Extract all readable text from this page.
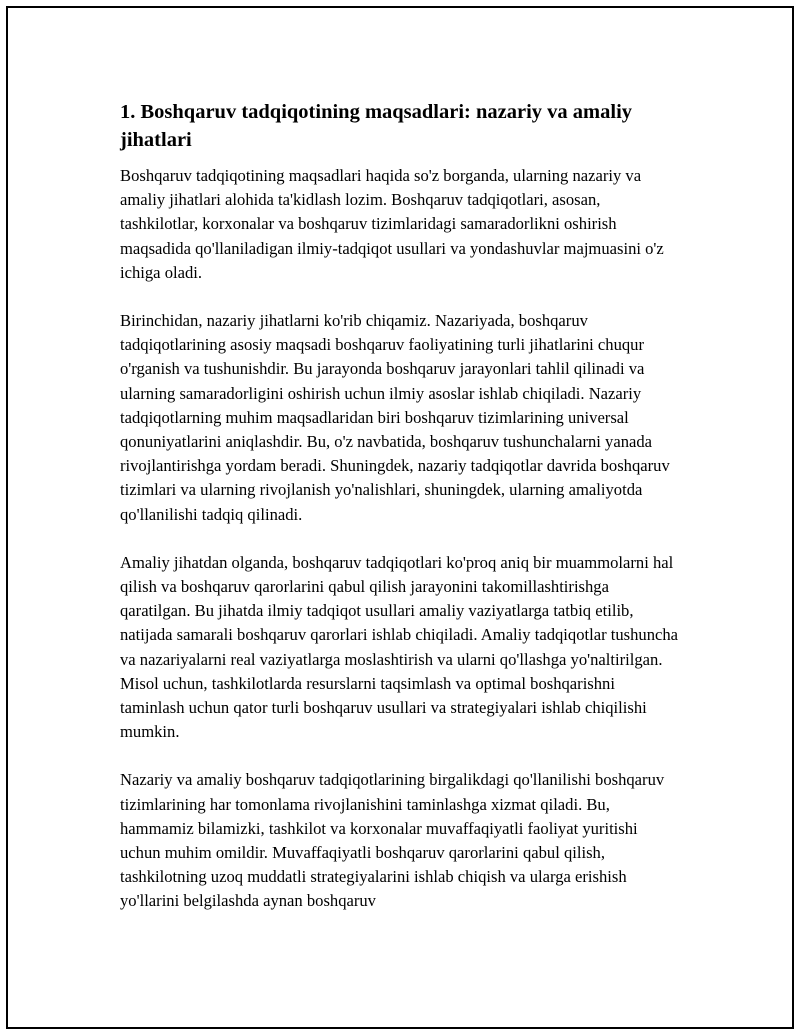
1. Boshqaruv tadqiqotining maqsadlari: nazariy va amaliy jihatlari

Boshqaruv tadqiqotining maqsadlari haqida so'z borganda, ularning nazariy va amaliy jihatlari alohida ta'kidlash lozim. Boshqaruv tadqiqotlari, asosan, tashkilotlar, korxonalar va boshqaruv tizimlaridagi samaradorlikni oshirish maqsadida qo'llaniladigan ilmiy-tadqiqot usullari va yondashuvlar majmuasini o'z ichiga oladi.

Birinchidan, nazariy jihatlarni ko'rib chiqamiz. Nazariyada, boshqaruv tadqiqotlarining asosiy maqsadi boshqaruv faoliyatining turli jihatlarini chuqur o'rganish va tushunishdir. Bu jarayonda boshqaruv jarayonlari tahlil qilinadi va ularning samaradorligini oshirish uchun ilmiy asoslar ishlab chiqiladi. Nazariy tadqiqotlarning muhim maqsadlaridan biri boshqaruv tizimlarining universal qonuniyatlarini aniqlashdir. Bu, o'z navbatida, boshqaruv tushunchalarni yanada rivojlantirishga yordam beradi. Shuningdek, nazariy tadqiqotlar davrida boshqaruv tizimlari va ularning rivojlanish yo'nalishlari, shuningdek, ularning amaliyotda qo'llanilishi tadqiq qilinadi.

Amaliy jihatdan olganda, boshqaruv tadqiqotlari ko'proq aniq bir muammolarni hal qilish va boshqaruv qarorlarini qabul qilish jarayonini takomillashtirishga qaratilgan. Bu jihatda ilmiy tadqiqot usullari amaliy vaziyatlarga tatbiq etilib, natijada samarali boshqaruv qarorlari ishlab chiqiladi. Amaliy tadqiqotlar tushuncha va nazariyalarni real vaziyatlarga moslashtirish va ularni qo'llashga yo'naltirilgan. Misol uchun, tashkilotlarda resurslarni taqsimlash va optimal boshqarishni taminlash uchun qator turli boshqaruv usullari va strategiyalari ishlab chiqilishi mumkin.

Nazariy va amaliy boshqaruv tadqiqotlarining birgalikdagi qo'llanilishi boshqaruv tizimlarining har tomonlama rivojlanishini taminlashga xizmat qiladi. Bu, hammamiz bilamizki, tashkilot va korxonalar muvaffaqiyatli faoliyat yuritishi uchun muhim omildir. Muvaffaqiyatli boshqaruv qarorlarini qabul qilish, tashkilotning uzoq muddatli strategiyalarini ishlab chiqish va ularga erishish yo'llarini belgilashda aynan boshqaruv
